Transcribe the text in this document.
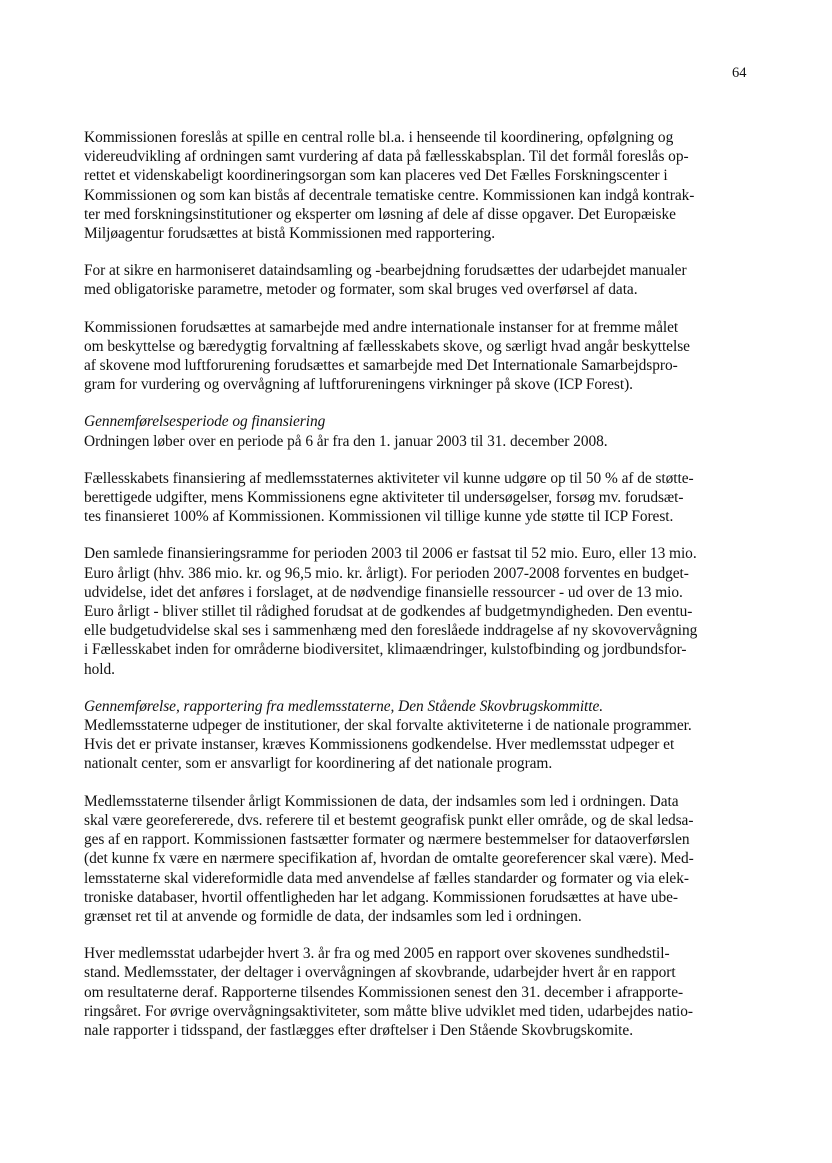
64

Kommissionen foreslås at spille en central rolle bl.a. i henseende til koordinering, opfølgning og
videreudvikling af ordningen samt vurdering af data på fællesskabsplan. Til det formål foreslås op-
rettet et videnskabeligt koordineringsorgan som kan placeres ved Det Fælles Forskningscenter i
Kommissionen og som kan bistås af decentrale tematiske centre. Kommissionen kan indgå kontrak-
ter med forskningsinstitutioner og eksperter om løsning af dele af disse opgaver. Det Europæiske
Miljøagentur forudsættes at bistå Kommissionen med rapportering.

For at sikre en harmoniseret dataindsamling og -bearbejdning forudsættes der udarbejdet manualer
med obligatoriske parametre, metoder og formater, som skal bruges ved overførsel af data.

Kommissionen forudsættes at samarbejde med andre internationale instanser for at fremme målet
om beskyttelse og bæredygtig forvaltning af fællesskabets skove, og særligt hvad angår beskyttelse
af skovene mod luftforurening forudsættes et samarbejde med Det Internationale Samarbejdspro-
gram for vurdering og overvågning af luftforureningens virkninger på skove (ICP Forest).

Gennemførelsesperiode og finansiering
Ordningen løber over en periode på 6 år fra den 1. januar 2003 til 31. december 2008.

Fællesskabets finansiering af medlemsstaternes aktiviteter vil kunne udgøre op til 50 % af de støtte-
berettigede udgifter, mens Kommissionens egne aktiviteter til undersøgelser, forsøg mv. forudsæt-
tes finansieret 100% af Kommissionen. Kommissionen vil tillige kunne yde støtte til ICP Forest.

Den samlede finansieringsramme for perioden 2003 til 2006 er fastsat til 52 mio. Euro, eller 13 mio.
Euro årligt (hhv. 386 mio. kr. og 96,5 mio. kr. årligt). For perioden 2007-2008 forventes en budget-
udvidelse, idet det anføres i forslaget, at de nødvendige finansielle ressourcer - ud over de 13 mio.
Euro årligt - bliver stillet til rådighed forudsat at de godkendes af budgetmyndigheden. Den eventu-
elle budgetudvidelse skal ses i sammenhæng med den foreslåede inddragelse af ny skovovervågning
i Fællesskabet inden for områderne biodiversitet, klimaændringer, kulstofbinding og jordbundsfor-
hold.

Gennemførelse, rapportering fra medlemsstaterne, Den Stående Skovbrugskommitte.
Medlemsstaterne udpeger de institutioner, der skal forvalte aktiviteterne i de nationale programmer.
Hvis det er private instanser, kræves Kommissionens godkendelse. Hver medlemsstat udpeger et
nationalt center, som er ansvarligt for koordinering af det nationale program.

Medlemsstaterne tilsender årligt Kommissionen de data, der indsamles som led i ordningen. Data
skal være georefererede, dvs. referere til et bestemt geografisk punkt eller område, og de skal ledsa-
ges af en rapport. Kommissionen fastsætter formater og nærmere bestemmelser for dataoverførslen
(det kunne fx være en nærmere specifikation af, hvordan de omtalte georeferencer skal være). Med-
lemsstaterne skal videreformidle data med anvendelse af fælles standarder og formater og via elek-
troniske databaser, hvortil offentligheden har let adgang. Kommissionen forudsættes at have ube-
grænset ret til at anvende og formidle de data, der indsamles som led i ordningen.

Hver medlemsstat udarbejder hvert 3. år fra og med 2005 en rapport over skovenes sundhedstil-
stand. Medlemsstater, der deltager i overvågningen af skovbrande, udarbejder hvert år en rapport
om resultaterne deraf. Rapporterne tilsendes Kommissionen senest den 31. december i afrapporte-
ringsåret. For øvrige overvågningsaktiviteter, som måtte blive udviklet med tiden, udarbejdes natio-
nale rapporter i tidsspand, der fastlægges efter drøftelser i Den Stående Skovbrugskomite.
